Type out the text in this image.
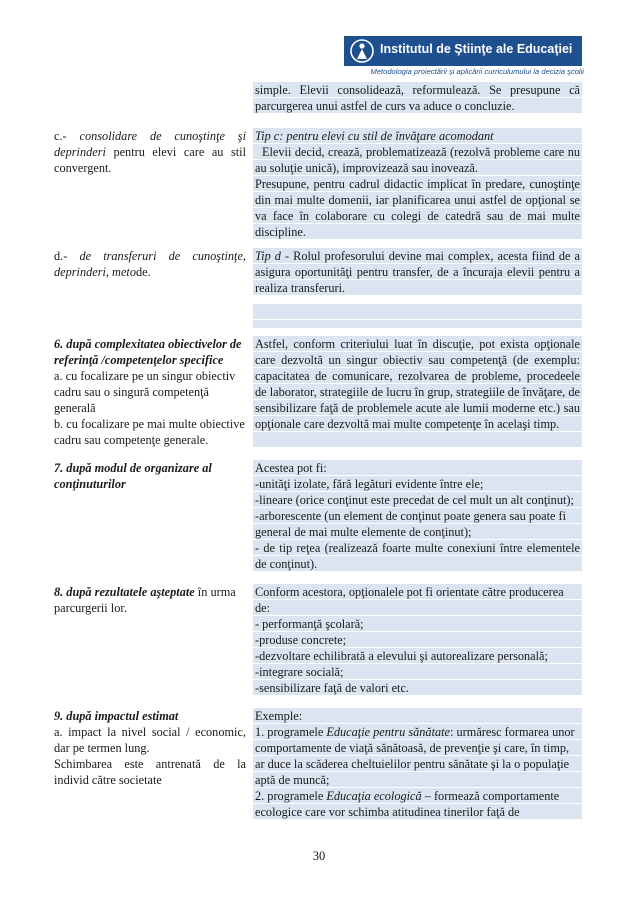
Institutul de Ştiinţe ale Educaţiei
Metodologia proiectării şi aplicării curriculumului la decizia şcolii

simple. Elevii consolidează, reformulează. Se presupune că parcurgerea unui astfel de curs va aduce o concluzie.

c.- consolidare de cunoştinţe şi deprinderi pentru elevi care au stil convergent.

Tip c: pentru elevi cu stil de învăţare acomodant

Elevii decid, crează, problematizează (rezolvă probleme care nu au soluţie unică), improvizează sau inovează.

Presupune, pentru cadrul didactic implicat în predare, cunoştinţe din mai multe domenii, iar planificarea unui astfel de opţional se va face în colaborare cu colegi de catedră sau de mai multe discipline.

d.- de transferuri de cunoştinţe, deprinderi, metode.

Tip d - Rolul profesorului devine mai complex, acesta fiind de a asigura oportunităţi pentru transfer, de a încuraja elevii pentru a realiza transferuri.

6. după complexitatea obiectivelor de referinţă /competenţelor specifice

a. cu focalizare pe un singur obiectiv cadru sau o singură competenţă generală

b. cu focalizare pe mai multe obiective cadru sau competenţe generale.

Astfel, conform criteriului luat în discuţie, pot exista opţionale care dezvoltă un singur obiectiv sau competenţă (de exemplu: capacitatea de comunicare, rezolvarea de probleme, procedeele de laborator, strategiile de lucru în grup, strategiile de învăţare, de sensibilizare faţă de problemele acute ale lumii moderne etc.) sau opţionale care dezvoltă mai multe competenţe în acelaşi timp.

7. după modul de organizare al conţinuturilor

Acestea pot fi:

-unităţi izolate, fără legături evidente între ele;

-lineare (orice conţinut este precedat de cel mult un alt conţinut);

-arborescente (un element de conţinut poate genera sau poate fi general de mai multe elemente de conţinut);

- de tip reţea (realizează foarte multe conexiuni între elementele de conţinut).

8. după rezultatele aşteptate în urma parcurgerii lor.

Conform acestora, opţionalele pot fi orientate către producerea de:

- performanţă şcolară;

-produse concrete;

-dezvoltare echilibrată a elevului şi autorealizare personală;

-integrare socială;

-sensibilizare faţă de valori etc.

9. după impactul estimat

a. impact la nivel social / economic, dar pe termen lung.

Schimbarea este antrenată de la individ către societate

Exemple:

1. programele Educaţie pentru sănătate: urmăresc formarea unor comportamente de viaţă sănătoasă, de prevenţie şi care, în timp, ar duce la scăderea cheltuielilor pentru sănătate şi la o populaţie aptă de muncă;

2. programele Educaţia ecologică – formează comportamente ecologice care vor schimba atitudinea tinerilor faţă de

30
